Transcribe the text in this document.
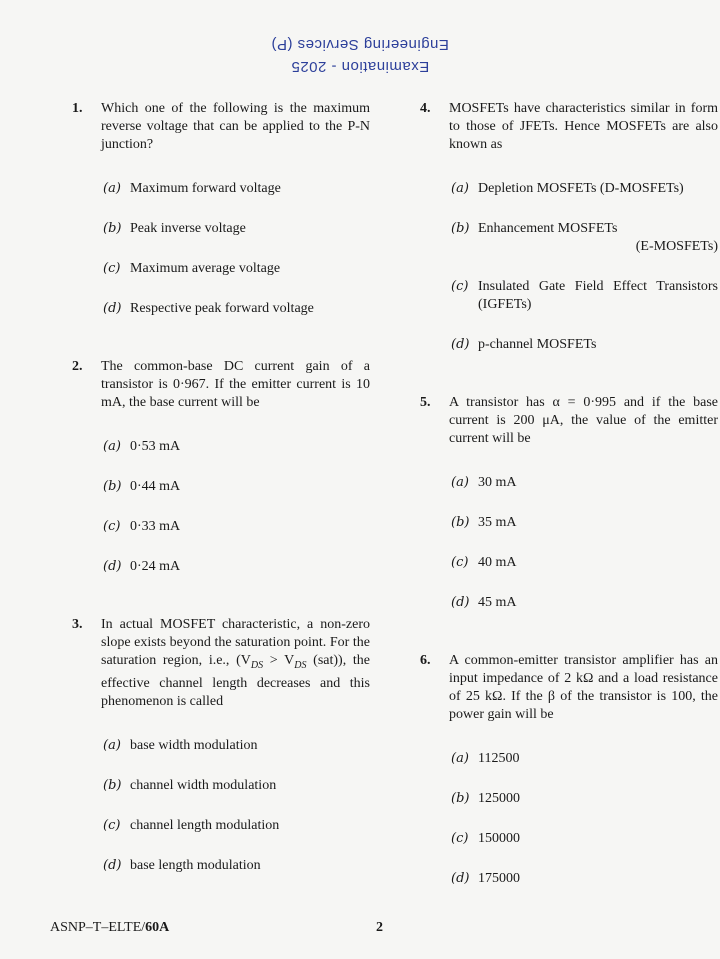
Engineering Services (P)
Examination - 2025
1. Which one of the following is the maximum reverse voltage that can be applied to the P-N junction?
(a) Maximum forward voltage
(b) Peak inverse voltage
(c) Maximum average voltage
(d) Respective peak forward voltage
2. The common-base DC current gain of a transistor is 0·967. If the emitter current is 10 mA, the base current will be
(a) 0·53 mA
(b) 0·44 mA
(c) 0·33 mA
(d) 0·24 mA
3. In actual MOSFET characteristic, a non-zero slope exists beyond the saturation point. For the saturation region, i.e., ($V_{DS} > V_{DS}$ (sat)), the effective channel length decreases and this phenomenon is called
(a) base width modulation
(b) channel width modulation
(c) channel length modulation
(d) base length modulation
4. MOSFETs have characteristics similar in form to those of JFETs. Hence MOSFETs are also known as
(a) Depletion MOSFETs (D-MOSFETs)
(b) Enhancement MOSFETs
(E-MOSFETs)
(c) Insulated Gate Field Effect Transistors (IGFETs)
(d) p-channel MOSFETs
5. A transistor has α = 0·995 and if the base current is 200 μA, the value of the emitter current will be
(a) 30 mA
(b) 35 mA
(c) 40 mA
(d) 45 mA
6. A common-emitter transistor amplifier has an input impedance of 2 kΩ and a load resistance of 25 kΩ. If the β of the transistor is 100, the power gain will be
(a) 112500
(b) 125000
(c) 150000
(d) 175000
ASNP–T–ELTE/60A	2
